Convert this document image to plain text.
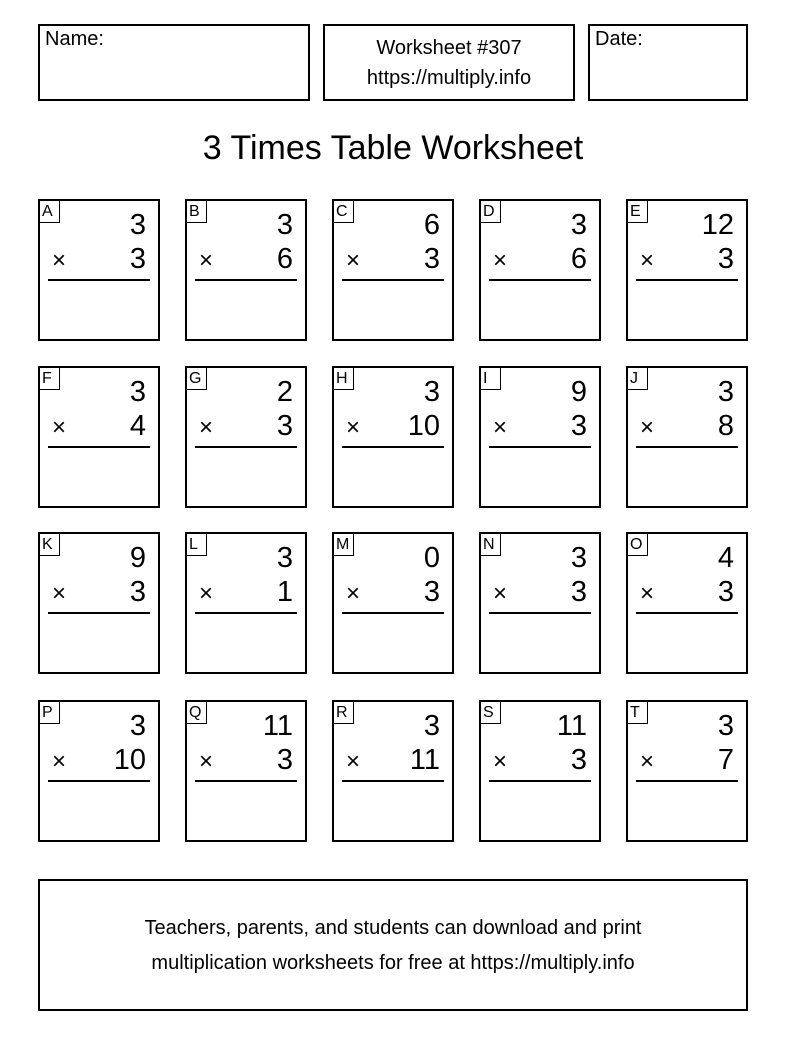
Name:	Worksheet #307
https://multiply.info
Date:
3 Times Table Worksheet
A	3
× 3
B	3
× 6
C	6
× 3
D	3
× 6
E 12
× 3
F	3
× 4
G	2
× 3
H	3
× 10
I	9
× 3
J	3
× 8
K	9
× 3
L	3
× 1
M	0
× 3
N	3
× 3
O	4
× 3
P	3
× 10
Q 11
× 3
R	3
× 11
S 11
× 3
T	3
× 7
Teachers, parents, and students can download and print
multiplication worksheets for free at https://multiply.info
